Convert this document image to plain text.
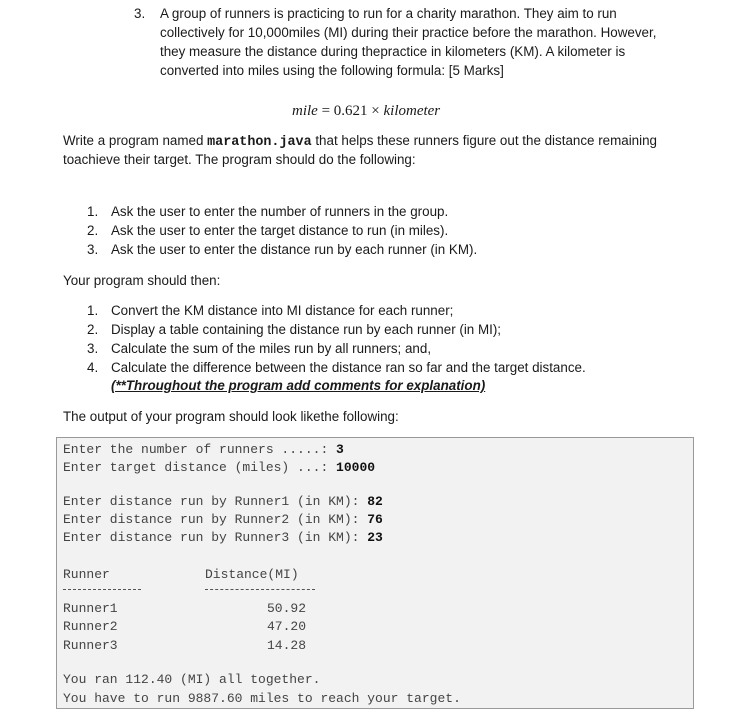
3. A group of runners is practicing to run for a charity marathon. They aim to run
collectively for 10,000miles (MI) during their practice before the marathon. However,
they measure the distance during thepractice in kilometers (KM). A kilometer is
converted into miles using the following formula: [5 Marks]
mile = 0.621 × kilometer
Write a program named marathon.java that helps these runners figure out the distance remaining
toachieve their target. The program should do the following:
1. Ask the user to enter the number of runners in the group.
2. Ask the user to enter the target distance to run (in miles).
3. Ask the user to enter the distance run by each runner (in KM).
Your program should then:
1. Convert the KM distance into MI distance for each runner;
2. Display a table containing the distance run by each runner (in MI);
3. Calculate the sum of the miles run by all runners; and,
4. Calculate the difference between the distance ran so far and the target distance.
(**Throughout the program add comments for explanation)
The output of your program should look likethe following:
Enter the number of runners .....: 3
Enter target distance (miles) ...: 10000
Enter distance run by Runner1 (in KM): 82
Enter distance run by Runner2 (in KM): 76
Enter distance run by Runner3 (in KM): 23
Runner	Distance(MI)
Runner1	50.92
Runner2	47.20
Runner3	14.28
You ran 112.40 (MI) all together.
You have to run 9887.60 miles to reach your target.
